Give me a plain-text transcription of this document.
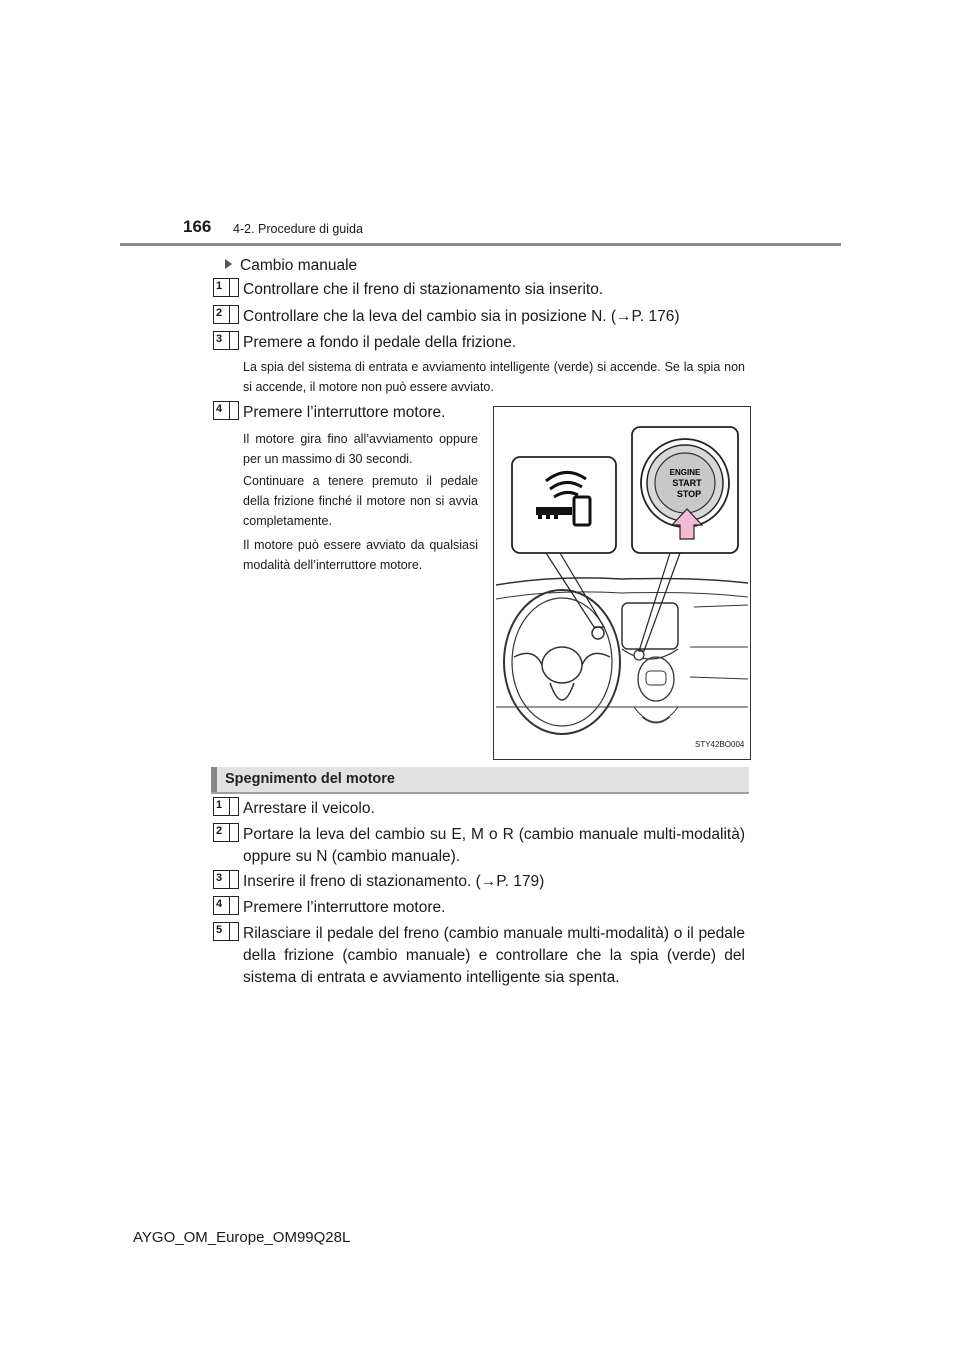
166 4-2. Procedure di guida
Cambio manuale
1 Controllare che il freno di stazionamento sia inserito.
2 Controllare che la leva del cambio sia in posizione N. (→P. 176)
3 Premere a fondo il pedale della frizione.
La spia del sistema di entrata e avviamento intelligente (verde) si accende. Se la spia non si accende, il motore non può essere avviato.
4 Premere l’interruttore motore.
Il motore gira fino all’avviamento oppure per un massimo di 30 secondi.
Continuare a tenere premuto il pedale della frizione finché il motore non si avvia completamente.
Il motore può essere avviato da qualsiasi modalità dell’interruttore motore.
ENGINE
START
STOP
STY42BO004
Spegnimento del motore
1 Arrestare il veicolo.
2 Portare la leva del cambio su E, M o R (cambio manuale multi-modalità) oppure su N (cambio manuale).
3 Inserire il freno di stazionamento. (→P. 179)
4 Premere l’interruttore motore.
5 Rilasciare il pedale del freno (cambio manuale multi-modalità) o il pedale della frizione (cambio manuale) e controllare che la spia (verde) del sistema di entrata e avviamento intelligente sia spenta.
AYGO_OM_Europe_OM99Q28L
